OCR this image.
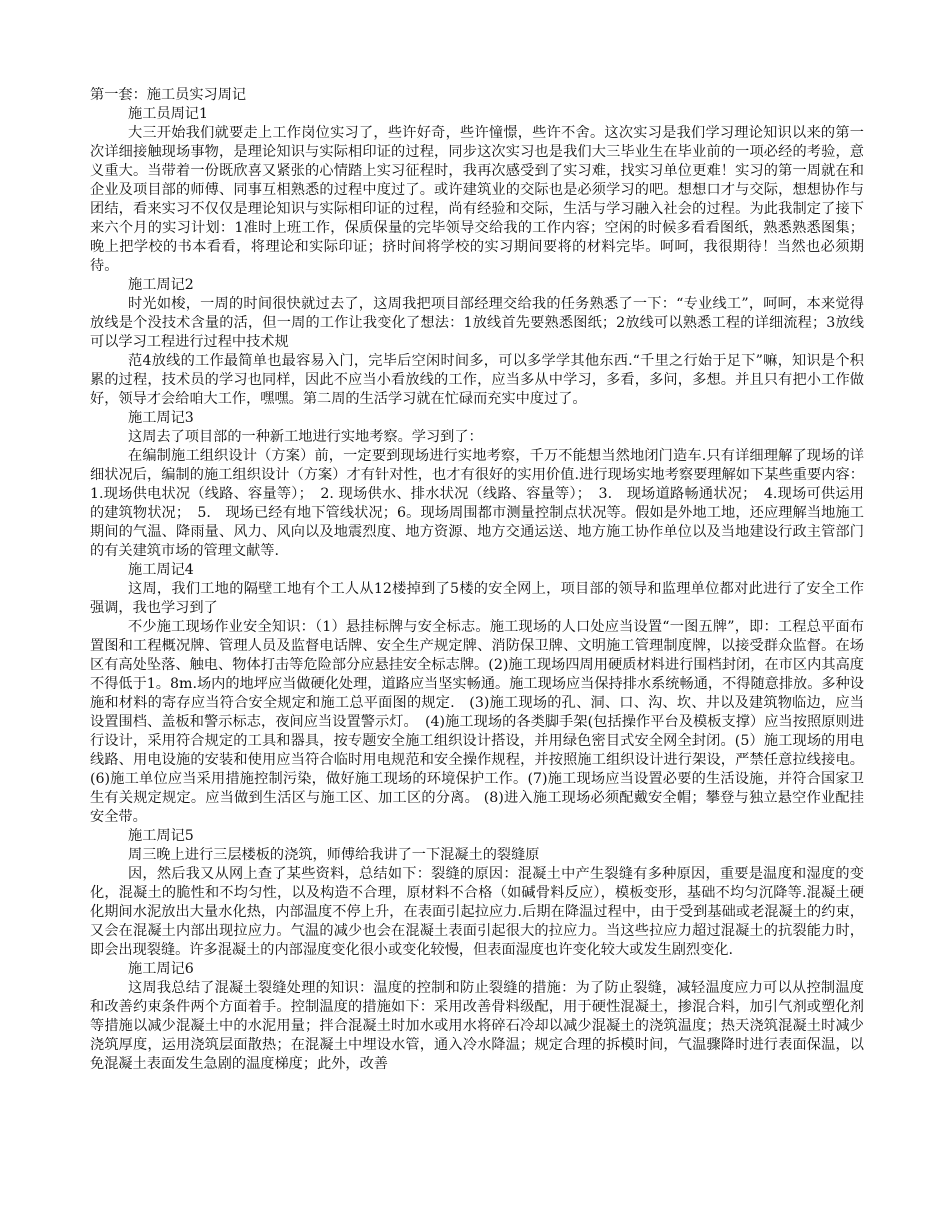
第一套：施工员实习周记

施工员周记1

大三开始我们就要走上工作岗位实习了，些许好奇，些许憧憬，些许不舍。这次实习是我们学习理论知识以来的第一次详细接触现场事物，是理论知识与实际相印证的过程，同步这次实习也是我们大三毕业生在毕业前的一项必经的考验，意义重大。当带着一份既欣喜又紧张的心情踏上实习征程时，我再次感受到了实习难，找实习单位更难！实习的第一周就在和企业及项目部的师傅、同事互相熟悉的过程中度过了。或许建筑业的交际也是必须学习的吧。想想口才与交际，想想协作与团结，看来实习不仅仅是理论知识与实际相印证的过程，尚有经验和交际，生活与学习融入社会的过程。为此我制定了接下来六个月的实习计划：1准时上班工作，保质保量的完毕领导交给我的工作内容；空闲的时候多看看图纸，熟悉熟悉图集；晚上把学校的书本看看，将理论和实际印证；挤时间将学校的实习期间要将的材料完毕。呵呵，我很期待！当然也必须期待。

施工周记2

时光如梭，一周的时间很快就过去了，这周我把项目部经理交给我的任务熟悉了一下：“专业线工”，呵呵，本来觉得放线是个没技术含量的活，但一周的工作让我变化了想法：1放线首先要熟悉图纸；2放线可以熟悉工程的详细流程；3放线可以学习工程进行过程中技术规

范4放线的工作最简单也最容易入门，完毕后空闲时间多，可以多学学其他东西.“千里之行始于足下”嘛，知识是个积累的过程，技术员的学习也同样，因此不应当小看放线的工作，应当多从中学习，多看，多问，多想。并且只有把小工作做好，领导才会给咱大工作，嘿嘿。第二周的生活学习就在忙碌而充实中度过了。

施工周记3

这周去了项目部的一种新工地进行实地考察。学习到了：

在编制施工组织设计（方案）前，一定要到现场进行实地考察，千万不能想当然地闭门造车.只有详细理解了现场的详细状况后，编制的施工组织设计（方案）才有针对性，也才有很好的实用价值.进行现场实地考察要理解如下某些重要内容：1.现场供电状况（线路、容量等）；　2. 现场供水、排水状况（线路、容量等）；　3.　现场道路畅通状况；　4.现场可供运用的建筑物状况；　5.　现场已经有地下管线状况；6。现场周围都市测量控制点状况等。假如是外地工地，还应理解当地施工期间的气温、降雨量、风力、风向以及地震烈度、地方资源、地方交通运送、地方施工协作单位以及当地建设行政主管部门的有关建筑市场的管理文献等.

施工周记4

这周，我们工地的隔壁工地有个工人从12楼掉到了5楼的安全网上，项目部的领导和监理单位都对此进行了安全工作强调，我也学习到了

不少施工现场作业安全知识：（1）悬挂标牌与安全标志。施工现场的人口处应当设置“一图五牌”，即：工程总平面布置图和工程概况牌、管理人员及监督电话牌、安全生产规定牌、消防保卫牌、文明施工管理制度牌，以接受群众监督。在场区有高处坠落、触电、物体打击等危险部分应悬挂安全标志牌。(2)施工现场四周用硬质材料进行围档封闭，在市区内其高度不得低于1。8m.场内的地坪应当做硬化处理，道路应当坚实畅通。施工现场应当保持排水系统畅通，不得随意排放。多种设施和材料的寄存应当符合安全规定和施工总平面图的规定.　(3)施工现场的孔、洞、口、沟、坎、井以及建筑物临边，应当设置围档、盖板和警示标志，夜间应当设置警示灯。　(4)施工现场的各类脚手架(包括操作平台及模板支撑）应当按照原则进行设计，采用符合规定的工具和器具，按专题安全施工组织设计搭设，并用绿色密目式安全网全封闭。(5）施工现场的用电线路、用电设施的安装和使用应当符合临时用电规范和安全操作规程，并按照施工组织设计进行架设，严禁任意拉线接电。(6)施工单位应当采用措施控制污染，做好施工现场的环境保护工作。(7)施工现场应当设置必要的生活设施，并符合国家卫生有关规定规定。应当做到生活区与施工区、加工区的分离。 (8)进入施工现场必须配戴安全帽；攀登与独立悬空作业配挂安全带。

施工周记5

周三晚上进行三层楼板的浇筑，师傅给我讲了一下混凝土的裂缝原

因，然后我又从网上查了某些资料，总结如下：裂缝的原因：混凝土中产生裂缝有多种原因，重要是温度和湿度的变化，混凝土的脆性和不均匀性，以及构造不合理，原材料不合格（如碱骨料反应），模板变形，基础不均匀沉降等.混凝土硬化期间水泥放出大量水化热，内部温度不停上升，在表面引起拉应力.后期在降温过程中，由于受到基础或老混凝土的约束，又会在混凝土内部出现拉应力。气温的减少也会在混凝土表面引起很大的拉应力。当这些拉应力超过混凝土的抗裂能力时，即会出现裂缝。许多混凝土的内部湿度变化很小或变化较慢，但表面湿度也许变化较大或发生剧烈变化.

施工周记6

这周我总结了混凝土裂缝处理的知识：温度的控制和防止裂缝的措施：为了防止裂缝，减轻温度应力可以从控制温度和改善约束条件两个方面着手。控制温度的措施如下：采用改善骨料级配，用于硬性混凝土，掺混合料，加引气剂或塑化剂等措施以减少混凝土中的水泥用量；拌合混凝土时加水或用水将碎石冷却以减少混凝土的浇筑温度；热天浇筑混凝土时减少浇筑厚度，运用浇筑层面散热；在混凝土中埋设水管，通入冷水降温；规定合理的拆模时间，气温骤降时进行表面保温，以免混凝土表面发生急剧的温度梯度；此外，改善
